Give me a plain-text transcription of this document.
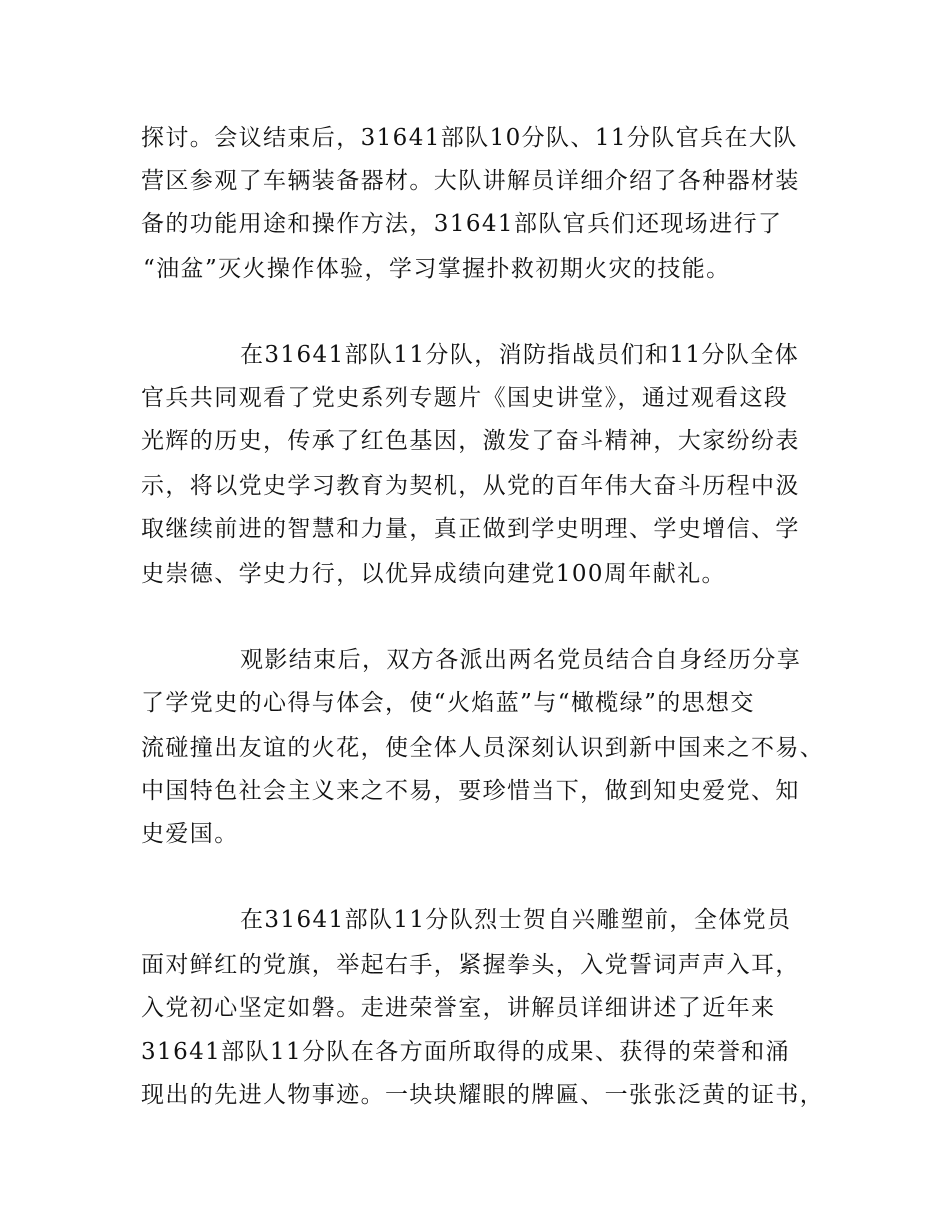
探讨。会议结束后，31641部队10分队、11分队官兵在大队
营区参观了车辆装备器材。大队讲解员详细介绍了各种器材装
备的功能用途和操作方法，31641部队官兵们还现场进行了
“油盆”灭火操作体验，学习掌握扑救初期火灾的技能。
在31641部队11分队，消防指战员们和11分队全体
官兵共同观看了党史系列专题片《国史讲堂》，通过观看这段
光辉的历史，传承了红色基因，激发了奋斗精神，大家纷纷表
示，将以党史学习教育为契机，从党的百年伟大奋斗历程中汲
取继续前进的智慧和力量，真正做到学史明理、学史增信、学
史崇德、学史力行，以优异成绩向建党100周年献礼。
观影结束后，双方各派出两名党员结合自身经历分享
了学党史的心得与体会，使“火焰蓝”与“橄榄绿”的思想交
流碰撞出友谊的火花，使全体人员深刻认识到新中国来之不易、
中国特色社会主义来之不易，要珍惜当下，做到知史爱党、知
史爱国。
在31641部队11分队烈士贺自兴雕塑前，全体党员
面对鲜红的党旗，举起右手，紧握拳头，入党誓词声声入耳，
入党初心坚定如磐。走进荣誉室，讲解员详细讲述了近年来
31641部队11分队在各方面所取得的成果、获得的荣誉和涌
现出的先进人物事迹。一块块耀眼的牌匾、一张张泛黄的证书，
